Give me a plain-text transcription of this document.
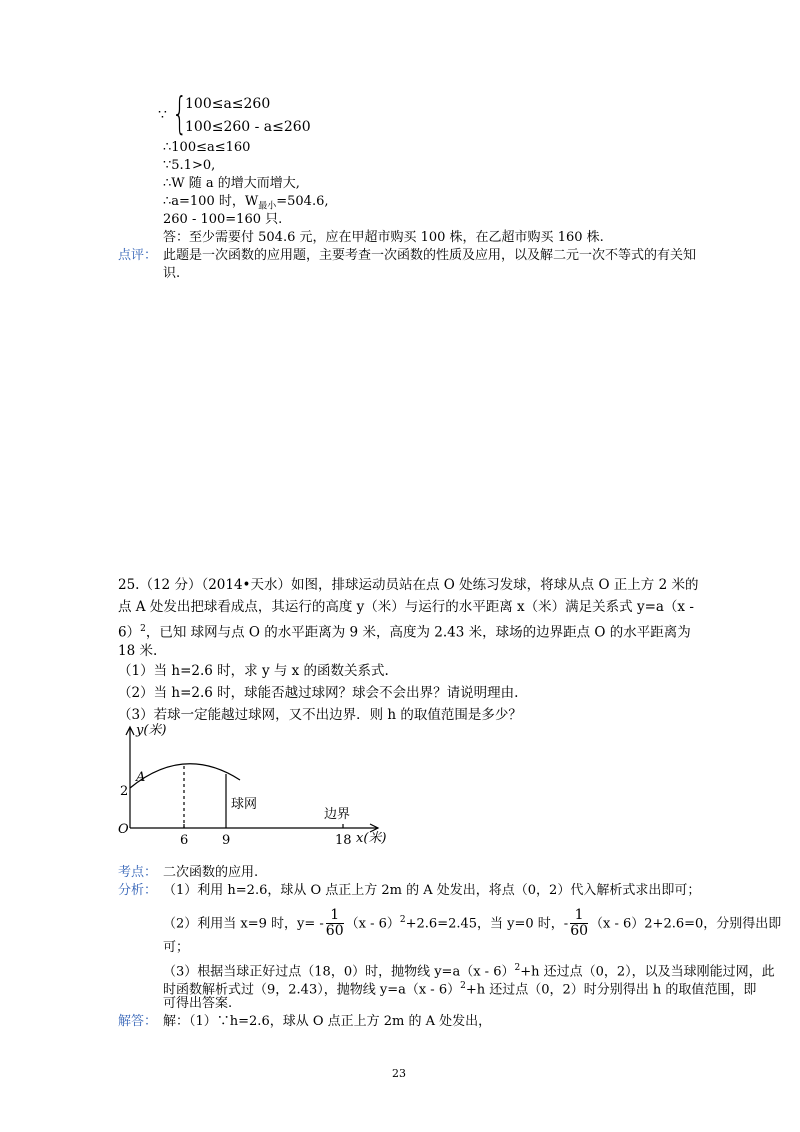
∵ {
100≤a≤260
100≤260 - a≤260
∴100≤a≤160
∵5.1>0,
∴W 随 a 的增大而增大,
∴a=100 时，$W_{最小}=504.6$,
260 - 100=160 只.
答：至少需要付 504.6 元，应在甲超市购买 100 株，在乙超市购买 160 株.
点评： 此题是一次函数的应用题，主要考查一次函数的性质及应用，以及解二元一次不等式的有关知
识.
25.（12 分）（2014•天水）如图，排球运动员站在点 O 处练习发球，将球从点 O 正上方 2 米的
点 A 处发出把球看成点，其运行的高度 y（米）与运行的水平距离 x（米）满足关系式 y=a（x -
6）$^2$，已知 球网与点 O 的水平距离为 9 米，高度为 2.43 米，球场的边界距点 O 的水平距离为
18 米.
（1）当 h=2.6 时，求 y 与 x 的函数关系式.
（2）当 h=2.6 时，球能否越过球网？球会不会出界？请说明理由.
（3）若球一定能越过球网，又不出边界．则 h 的取值范围是多少？
y(米)
x(米)
O
A
2
6	9	18
球网
边界
考点： 二次函数的应用.
分析： （1）利用 h=2.6，球从 O 点正上方 2m 的 A 处发出，将点（0，2）代入解析式求出即可；
（2）利用当 x=9 时，$y= - \frac{1}{60} (x - 6)^2+2.6=2.45$，当 y=0 时，- $\frac{1}{60} (x - 6)2+2.6=0$，分别得出即
可；
（3）根据当球正好过点（18，0）时，抛物线 y=a（x - 6）$^2$+h 还过点（0，2），以及当球刚能过网，此
时函数解析式过（9，2.43），抛物线 y=a（x - 6）$^2$+h 还过点（0，2）时分别得出 h 的取值范围，即
可得出答案.
解答： 解：（1）∵h=2.6，球从 O 点正上方 2m 的 A 处发出，
23
